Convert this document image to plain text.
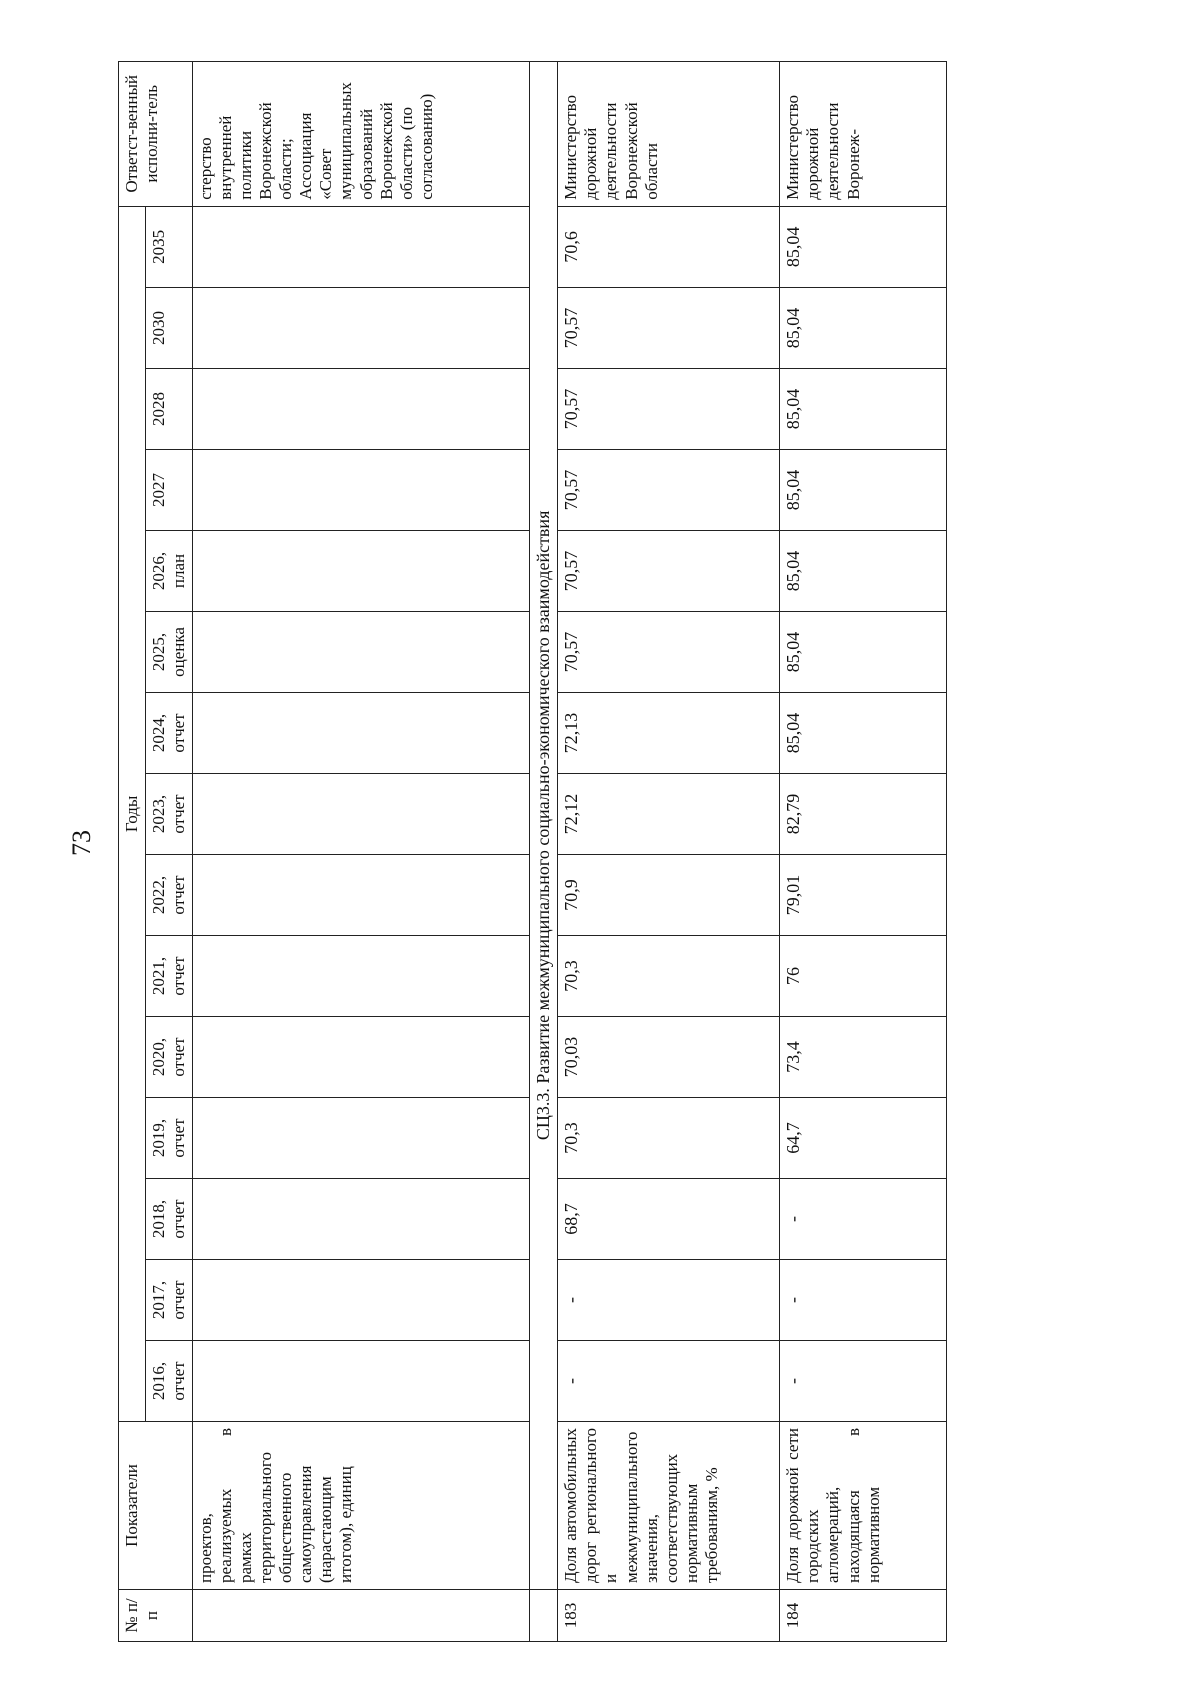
73
№ п/п	Показатели	Годы															Ответст-венный исполни-тель
		2016, отчет	2017, отчет	2018, отчет	2019, отчет	2020, отчет	2021, отчет	2022, отчет	2023, отчет	2024, отчет	2025, оценка	2026, план	2027	2028	2030	2035	
	проектов, реализуемых в рамках территориального общественного самоуправления (нарастающим итогом), единиц																стерство внутренней политики Воронежской области; Ассоциация «Совет муниципальных образований Воронежской области» (по согласованию)
	СЦ3.3. Развитие межмуниципального социально-экономического взаимодействия																
183	Доля автомобильных дорог регионального и межмуниципального значения, соответствующих нормативным требованиям, %	-	-	68,7	70,3	70,03	70,3	70,9	72,12	72,13	70,57	70,57	70,57	70,57	70,57	70,6	Министерство дорожной деятельности Воронежской области
184	Доля дорожной сети городских агломераций, находящаяся в нормативном	-	-	-	64,7	73,4	76	79,01	82,79	85,04	85,04	85,04	85,04	85,04	85,04	85,04	Министерство дорожной деятельности Воронеж-
